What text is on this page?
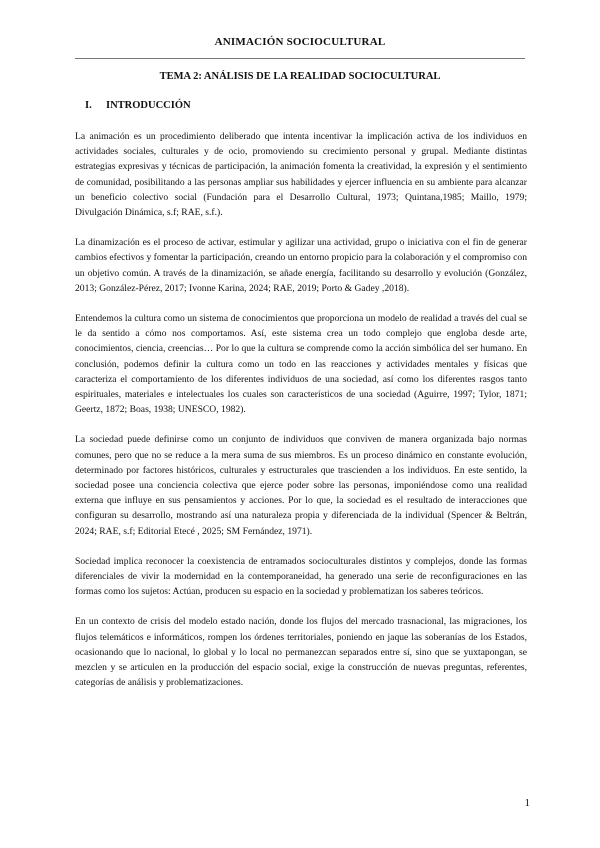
ANIMACIÓN SOCIOCULTURAL
TEMA 2: ANÁLISIS DE LA REALIDAD SOCIOCULTURAL
I. INTRODUCCIÓN

La animación es un procedimiento deliberado que intenta incentivar la implicación activa de los individuos en actividades sociales, culturales y de ocio, promoviendo su crecimiento personal y grupal. Mediante distintas estrategias expresivas y técnicas de participación, la animación fomenta la creatividad, la expresión y el sentimiento de comunidad, posibilitando a las personas ampliar sus habilidades y ejercer influencia en su ambiente para alcanzar un beneficio colectivo social (Fundación para el Desarrollo Cultural, 1973; Quintana,1985; Maillo, 1979; Divulgación Dinámica, s.f; RAE, s.f.).

La dinamización es el proceso de activar, estimular y agilizar una actividad, grupo o iniciativa con el fin de generar cambios efectivos y fomentar la participación, creando un entorno propicio para la colaboración y el compromiso con un objetivo común. A través de la dinamización, se añade energía, facilitando su desarrollo y evolución (González, 2013; González-Pérez, 2017; Ivonne Karina, 2024; RAE, 2019; Porto & Gadey ,2018).

Entendemos la cultura como un sistema de conocimientos que proporciona un modelo de realidad a través del cual se le da sentido a cómo nos comportamos. Así, este sistema crea un todo complejo que engloba desde arte, conocimientos, ciencia, creencias… Por lo que la cultura se comprende como la acción simbólica del ser humano. En conclusión, podemos definir la cultura como un todo en las reacciones y actividades mentales y físicas que caracteriza el comportamiento de los diferentes individuos de una sociedad, así como los diferentes rasgos tanto espirituales, materiales e intelectuales los cuales son característicos de una sociedad (Aguirre, 1997; Tylor, 1871; Geertz, 1872; Boas, 1938; UNESCO, 1982).

La sociedad puede definirse como un conjunto de individuos que conviven de manera organizada bajo normas comunes, pero que no se reduce a la mera suma de sus miembros. Es un proceso dinámico en constante evolución, determinado por factores históricos, culturales y estructurales que trascienden a los individuos. En este sentido, la sociedad posee una conciencia colectiva que ejerce poder sobre las personas, imponiéndose como una realidad externa que influye en sus pensamientos y acciones. Por lo que, la sociedad es el resultado de interacciones que configuran su desarrollo, mostrando así una naturaleza propia y diferenciada de la individual (Spencer & Beltrán, 2024; RAE, s.f; Editorial Etecé , 2025; SM Fernández, 1971).

Sociedad implica reconocer la coexistencia de entramados socioculturales distintos y complejos, donde las formas diferenciales de vivir la modernidad en la contemporaneidad, ha generado una serie de reconfiguraciones en las formas como los sujetos: Actúan, producen su espacio en la sociedad y problematizan los saberes teóricos.

En un contexto de crisis del modelo estado nación, donde los flujos del mercado trasnacional, las migraciones, los flujos telemáticos e informáticos, rompen los órdenes territoriales, poniendo en jaque las soberanías de los Estados, ocasionando que lo nacional, lo global y lo local no permanezcan separados entre sí, sino que se yuxtapongan, se mezclen y se articulen en la producción del espacio social, exige la construcción de nuevas preguntas, referentes, categorías de análisis y problematizaciones.

1
